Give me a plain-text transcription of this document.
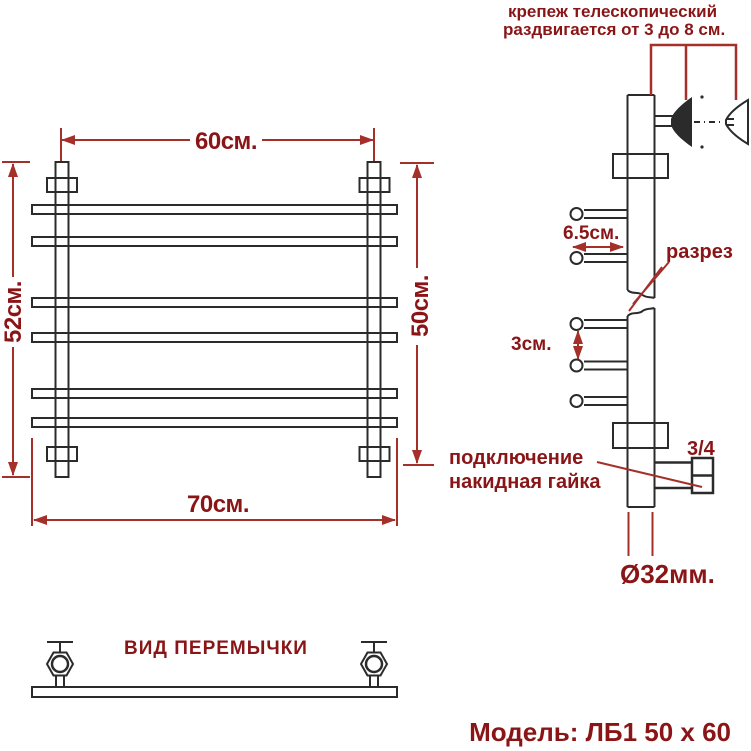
60см.
52см.	50см.
70см.
крепеж телескопический
раздвигается от 3 до 8 см.
6.5см.
разрез
3см.
подключение
накидная гайка
3/4
Ø32мм.
ВИД ПЕРЕМЫЧКИ
Модель: ЛБ1 50 х 60
